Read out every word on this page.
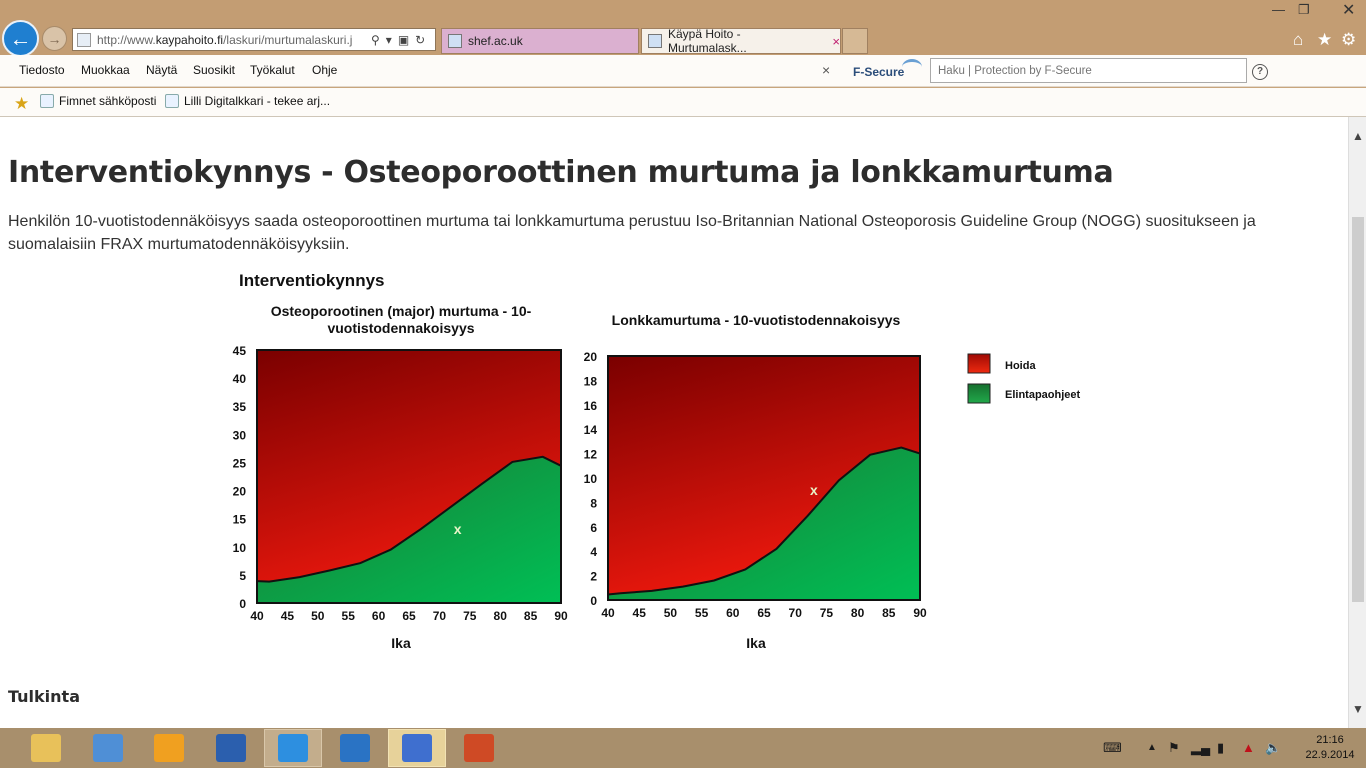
— ❐ ✕
← →	http://www.kaypahoito.fi/laskuri/murtumalaskuri.j	⚲ ▾ ▣ ↻	shef.ac.uk	Käypä Hoito - Murtumalask...	×	⌂ ★ ⚙
Tiedosto Muokkaa Näytä Suosikit Työkalut Ohje	× F-Secure
Haku | Protection by F-Secure	?
Fimnet sähköposti Lilli Digitalkkari - tekee arj...
★
Interventiokynnys - Osteoporoottinen murtuma ja lonkkamurtuma

Henkilön 10-vuotistodennäköisyys saada osteoporoottinen murtuma tai lonkkamurtuma perustuu Iso-Britannian National Osteoporosis Guideline Group (NOGG) suositukseen ja suomalaisiin FRAX murtumatodennäköisyyksiin.

Interventiokynnys
Osteoporootinen (major) murtuma - 10-
vuotistodennakoisyys
0
5
10
15
20
25
30
35
40
45
40 45 50 55 60 65 70 75 80 85 90
x
Ika
Lonkkamurtuma - 10-vuotistodennakoisyys
0
2
4
6
8
10
12
14
16
18
20
40 45 50 55 60 65 70 75 80 85 90
x
Ika
Hoida
Elintapaohjeet
Tulkinta
▲
▼
⌨	▲ ⚑ ▂▄ ▮ ▲ 🔈	21:16
22.9.2014
